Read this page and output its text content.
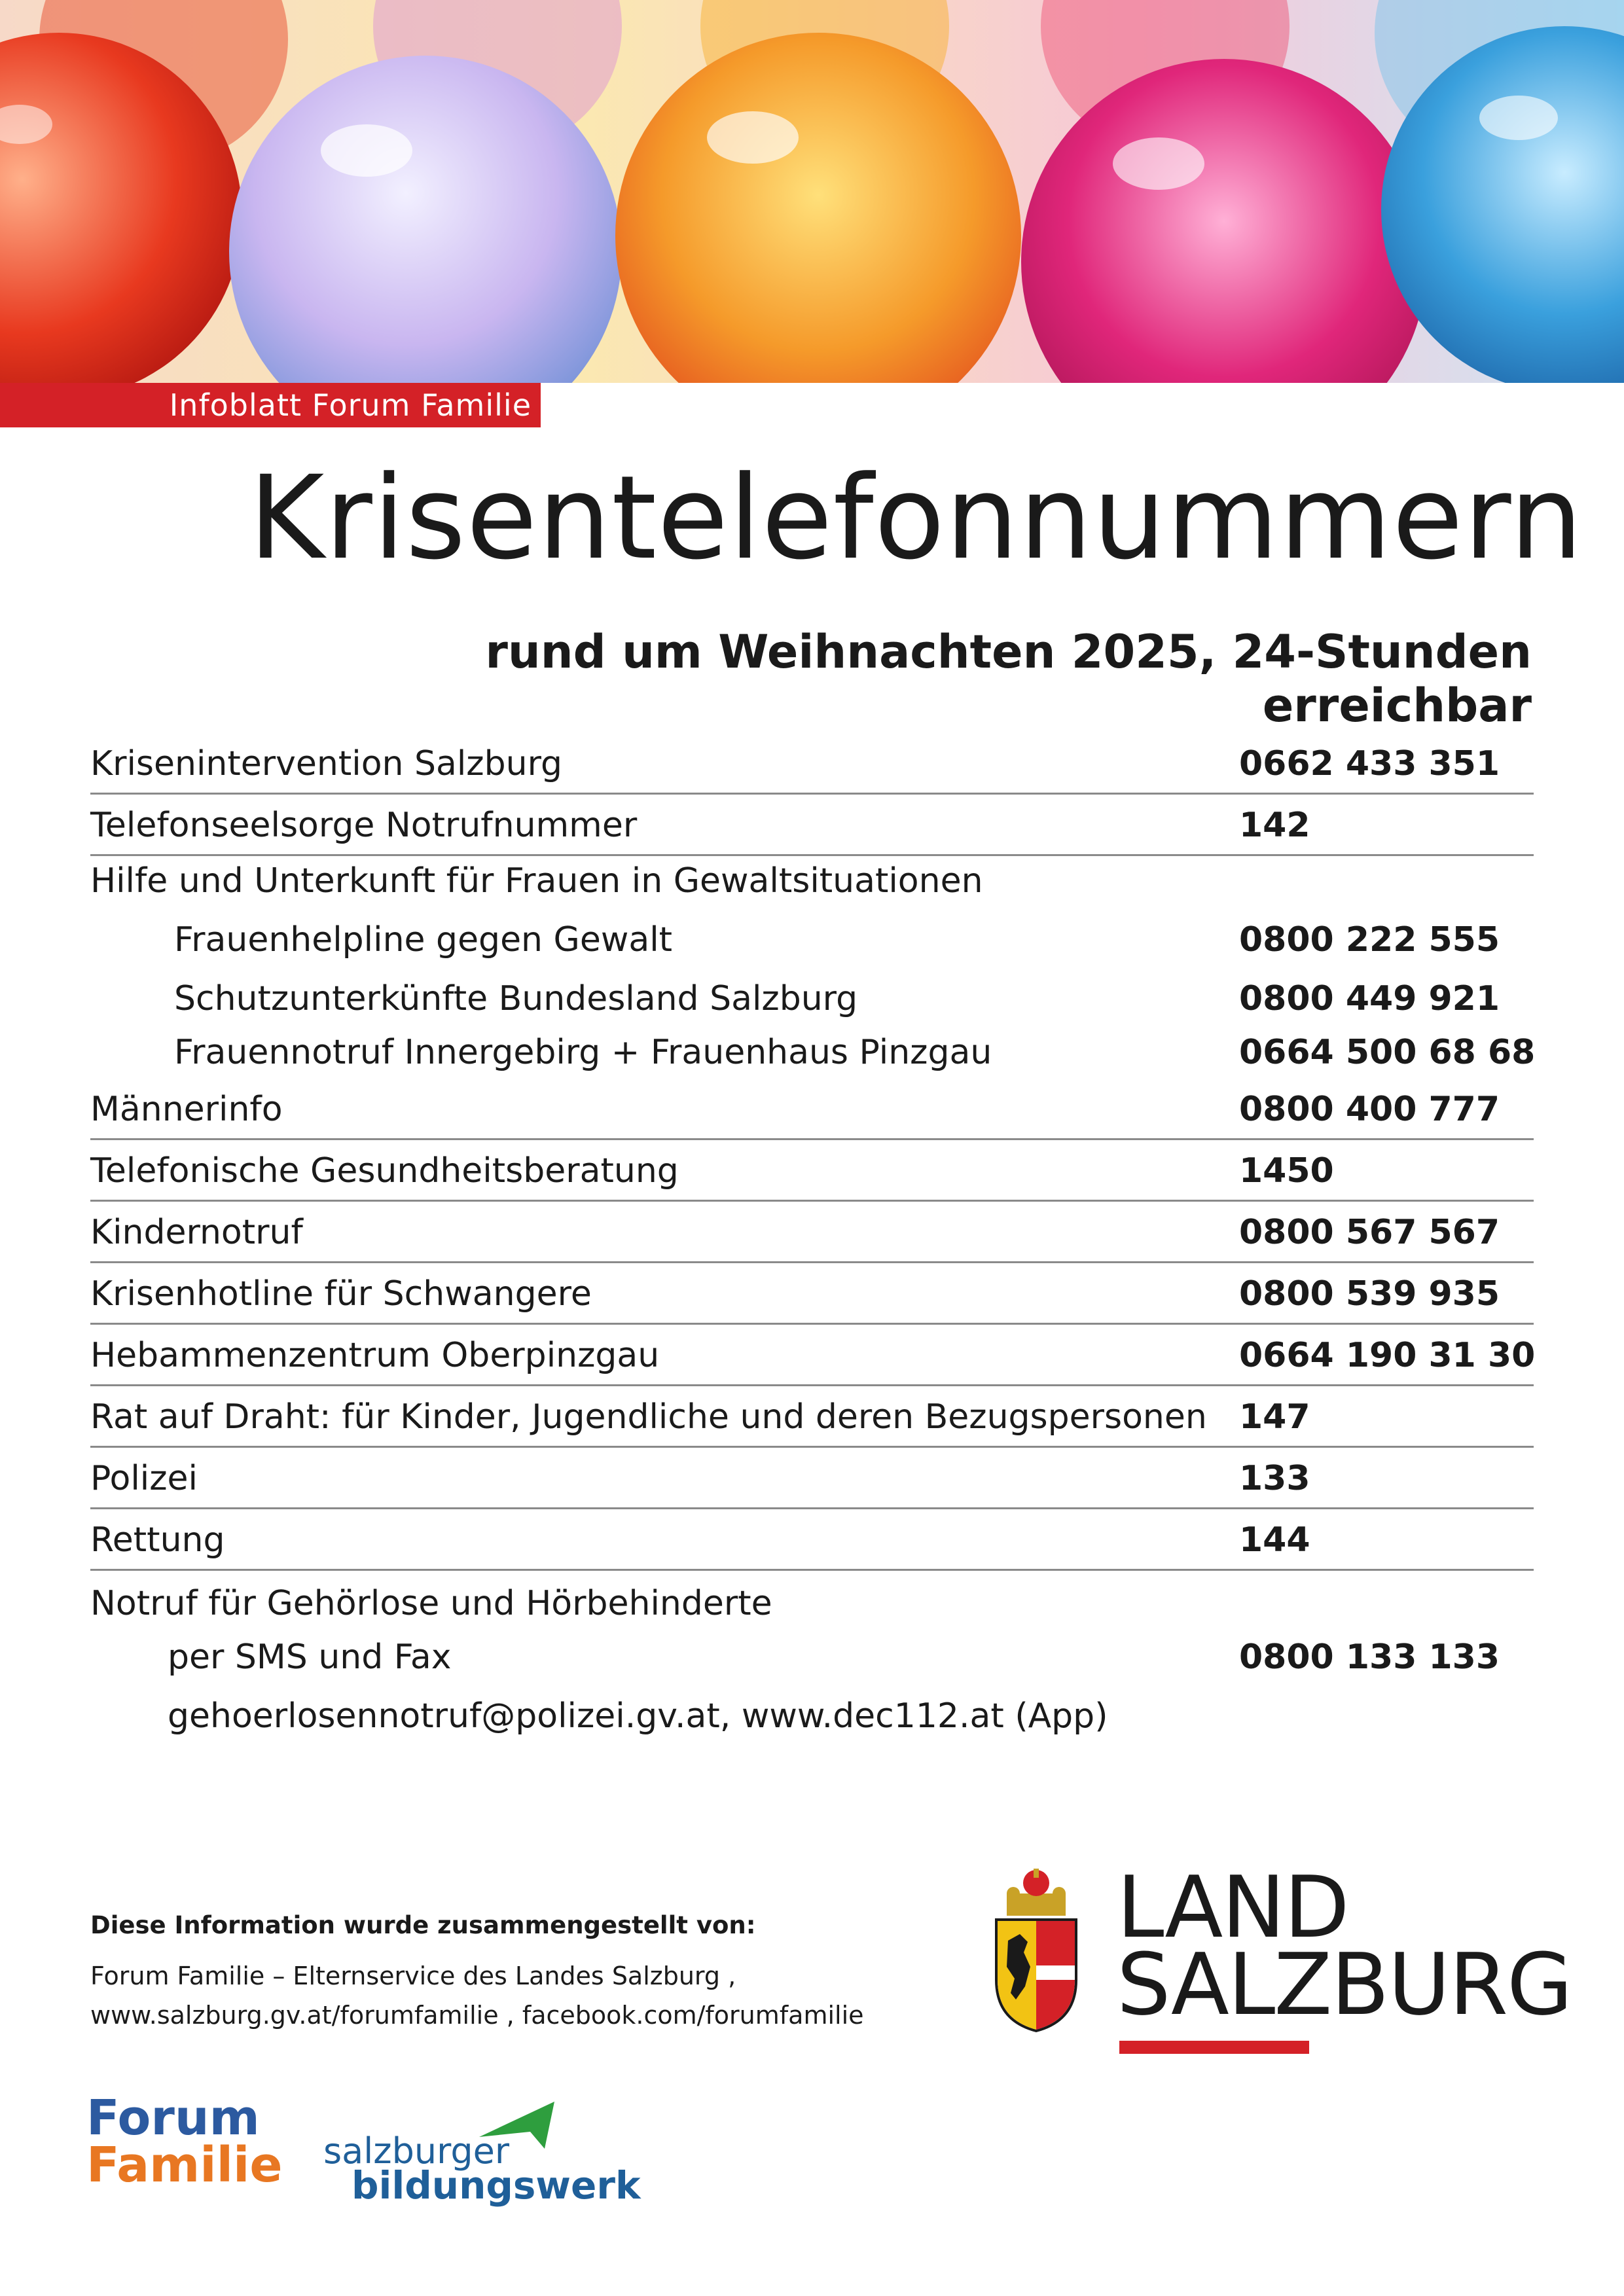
Infoblatt Forum Familie
Krisentelefonnummern
rund um Weihnachten 2025, 24-Stunden erreichbar
Krisenintervention Salzburg	0662 433 351
Telefonseelsorge Notrufnummer	142
Hilfe und Unterkunft für Frauen in Gewaltsituationen
Frauenhelpline gegen Gewalt	0800 222 555
Schutzunterkünfte Bundesland Salzburg	0800 449 921
Frauennotruf Innergebirg + Frauenhaus Pinzgau	0664 500 68 68
Männerinfo	0800 400 777
Telefonische Gesundheitsberatung	1450
Kindernotruf	0800 567 567
Krisenhotline für Schwangere	0800 539 935
Hebammenzentrum Oberpinzgau	0664 190 31 30
Rat auf Draht: für Kinder, Jugendliche und deren Bezugspersonen 147
Polizei	133
Rettung	144
Notruf für Gehörlose und Hörbehinderte
per SMS und Fax	0800 133 133
gehoerlosennotruf@polizei.gv.at, www.dec112.at (App)
Diese Information wurde zusammengestellt von:
Forum Familie – Elternservice des Landes Salzburg ,
www.salzburg.gv.at/forumfamilie , facebook.com/forumfamilie
LAND
SALZBURG
Forum
Familie salzburger
bildungswerk
